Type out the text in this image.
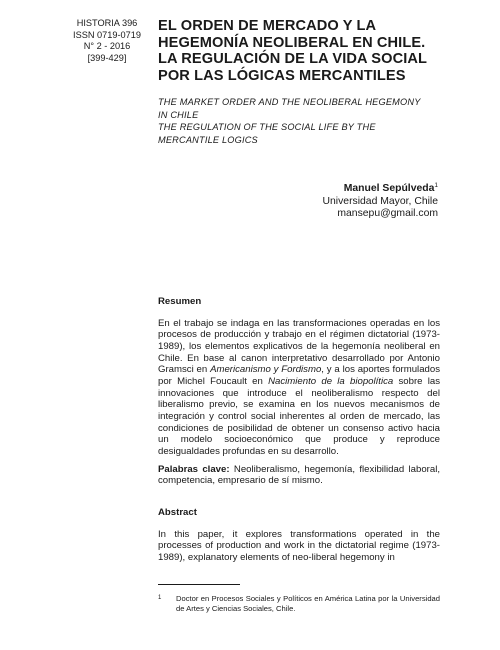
HISTORIA 396
ISSN 0719-0719
N° 2 - 2016
[399-429]
EL ORDEN DE MERCADO Y LA
HEGEMONÍA NEOLIBERAL EN CHILE.
LA REGULACIÓN DE LA VIDA SOCIAL
POR LAS LÓGICAS MERCANTILES
THE MARKET ORDER AND THE NEOLIBERAL HEGEMONY
IN CHILE
THE REGULATION OF THE SOCIAL LIFE BY THE
MERCANTILE LOGICS
Manuel Sepúlveda$^1$
Universidad Mayor, Chile
mansepu@gmail.com
Resumen

En el trabajo se indaga en las transformaciones operadas en los procesos de producción y trabajo en el régimen dictatorial (1973-1989), los elementos explicativos de la hegemonía neoliberal en Chile. En base al canon interpretativo desarrollado por Antonio Gramsci en Americanismo y Fordismo, y a los aportes formulados por Michel Foucault en Nacimiento de la biopolítica sobre las innovaciones que introduce el neoliberalismo respecto del liberalismo previo, se examina en los nuevos mecanismos de integración y control social inherentes al orden de mercado, las condiciones de posibilidad de obtener un consenso activo hacia un modelo socioeconómico que produce y reproduce desigualdades profundas en su desarrollo.

Palabras clave: Neoliberalismo, hegemonía, flexibilidad laboral, competencia, empresario de sí mismo.

Abstract

In this paper, it explores transformations operated in the processes of production and work in the dictatorial regime (1973-1989), explanatory elements of neo-liberal hegemony in

1 Doctor en Procesos Sociales y Políticos en América Latina por la Universidad de Artes y Ciencias Sociales, Chile.
